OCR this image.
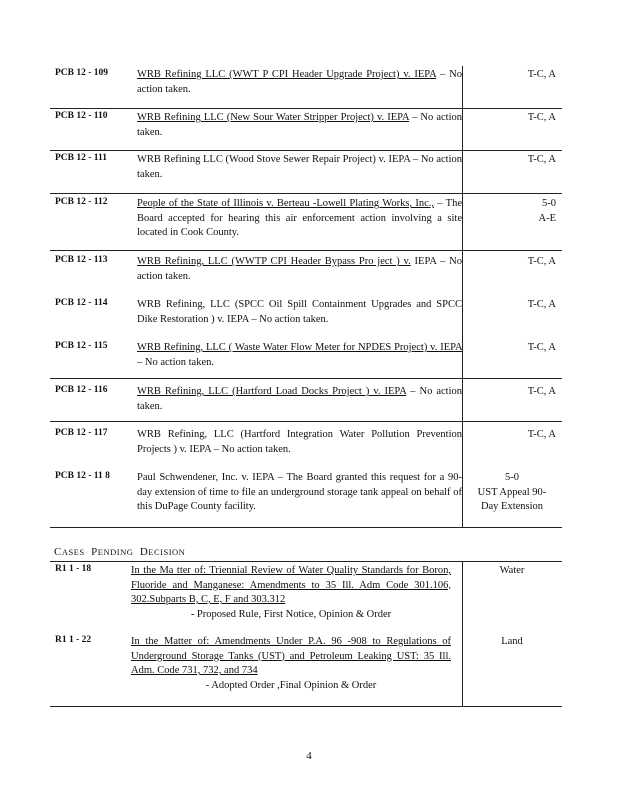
PCB 12 - 109	WRB Refining LLC (WWT P CPI Header Upgrade Project) v. IEPA – No action taken.
T-C, A
PCB 12 - 110	WRB Refining LLC (New Sour Water Stripper Project) v. IEPA – No action taken.
T-C, A
PCB 12 - 111	WRB Refining LLC (Wood Stove Sewer Repair Project) v. IEPA – No action taken.
T-C, A
PCB 12 - 112	People of the State of Illinois v. Berteau -Lowell Plating Works, Inc., – The Board accepted for hearing this air enforcement action involving a site located in Cook County.
5-0
A-E
PCB 12 - 113	WRB Refining, LLC (WWTP CPI Header Bypass Pro ject ) v. IEPA – No action taken.
T-C, A
PCB 12 - 114	WRB Refining, LLC (SPCC Oil Spill Containment Upgrades and SPCC Dike Restoration ) v. IEPA – No action taken.
T-C, A
PCB 12 - 115	WRB Refining, LLC ( Waste Water Flow Meter for NPDES Project) v. IEPA – No action taken.
T-C, A
PCB 12 - 116	WRB Refining, LLC (Hartford Load Docks Project ) v. IEPA – No action taken.
T-C, A
PCB 12 - 117	WRB Refining, LLC (Hartford Integration Water Pollution Prevention Projects ) v. IEPA – No action taken.
T-C, A
PCB 12 - 11 8	Paul Schwendener, Inc. v. IEPA – The Board granted this request for a 90-day extension of time to file an underground storage tank appeal on behalf of this DuPage County facility.
5-0
UST Appeal 90-
Day Extension
CASES PENDING DECISION
R1 1 - 18	In the Ma tter of: Triennial Review of Water Quality Standards for Boron, Fluoride and Manganese: Amendments to 35 Ill. Adm Code 301.106, 302.Subparts B, C, E, F and 303.312
- Proposed Rule, First Notice, Opinion & Order
Water
R1 1 - 22	In the Matter of: Amendments Under P.A. 96 -908 to Regulations of Underground Storage Tanks (UST) and Petroleum Leaking UST: 35 Ill. Adm. Code 731, 732, and 734
- Adopted Order ,Final Opinion & Order
Land
4
